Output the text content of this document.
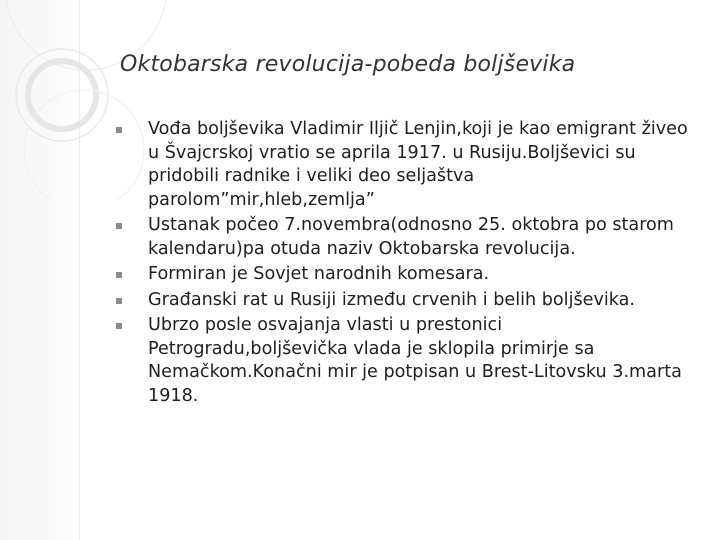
Oktobarska revolucija-pobeda boljševika
Vođa boljševika Vladimir Iljič Lenjin,koji je kao emigrant živeo u Švajcrskoj vratio se aprila 1917. u Rusiju.Boljševici su pridobili radnike i veliki deo seljaštva parolom”mir,hleb,zemlja”
Ustanak počeo 7.novembra(odnosno 25. oktobra po starom kalendaru)pa otuda naziv Oktobarska revolucija.
Formiran je Sovjet narodnih komesara.
Građanski rat u Rusiji između crvenih i belih boljševika.
Ubrzo posle osvajanja vlasti u prestonici Petrogradu,boljševička vlada je sklopila primirje sa Nemačkom.Konačni mir je potpisan u Brest-Litovsku 3.marta 1918.
